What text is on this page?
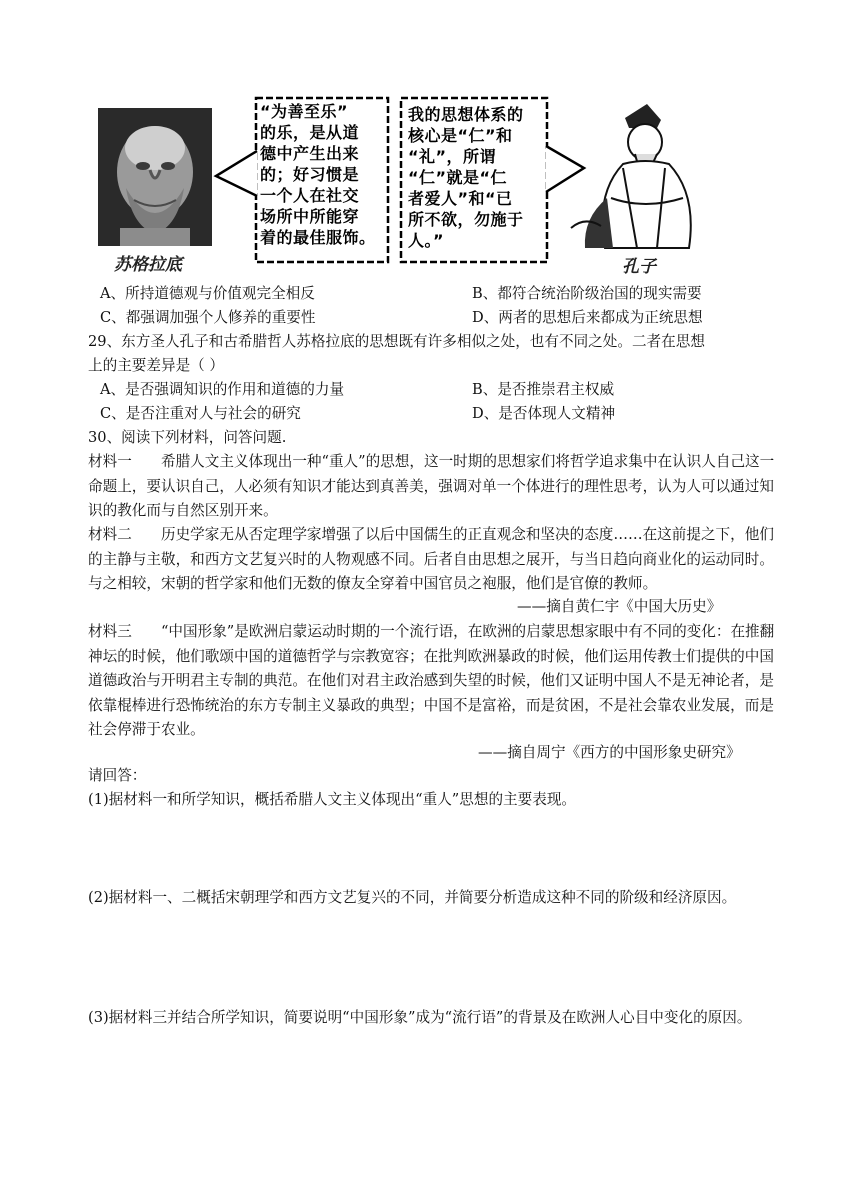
苏格拉底
“为善至乐”
的乐，是从道
德中产生出来
的；好习惯是
一个人在社交
场所中所能穿
着的最佳服饰。
我的思想体系的
核心是“仁”和
“礼”，所谓
“仁”就是“仁
者爱人”和“已
所不欲，勿施于
人。”
孔子
A、所持道德观与价值观完全相反	B、都符合统治阶级治国的现实需要
C、都强调加强个人修养的重要性	D、两者的思想后来都成为正统思想
29、东方圣人孔子和古希腊哲人苏格拉底的思想既有许多相似之处，也有不同之处。二者在思想
上的主要差异是（ ）
A、是否强调知识的作用和道德的力量	B、是否推崇君主权威
C、是否注重对人与社会的研究	D、是否体现人文精神
30、阅读下列材料，问答问题.
材料一　　希腊人文主义体现出一种“重人”的思想，这一时期的思想家们将哲学追求集中在认识人自己这一命题上，要认识自己，人必须有知识才能达到真善美，强调对单一个体进行的理性思考，认为人可以通过知识的教化而与自然区别开来。
材料二　　历史学家无从否定理学家增强了以后中国儒生的正直观念和坚决的态度……在这前提之下，他们的主静与主敬，和西方文艺复兴时的人物观感不同。后者自由思想之展开，与当日趋向商业化的运动同时。与之相较，宋朝的哲学家和他们无数的僚友全穿着中国官员之袍服，他们是官僚的教师。
——摘自黄仁宇《中国大历史》
材料三　　“中国形象”是欧洲启蒙运动时期的一个流行语，在欧洲的启蒙思想家眼中有不同的变化：在推翻神坛的时候，他们歌颂中国的道德哲学与宗教宽容；在批判欧洲暴政的时候，他们运用传教士们提供的中国道德政治与开明君主专制的典范。在他们对君主政治感到失望的时候，他们又证明中国人不是无神论者，是依靠棍棒进行恐怖统治的东方专制主义暴政的典型；中国不是富裕，而是贫困，不是社会靠农业发展，而是社会停滞于农业。
——摘自周宁《西方的中国形象史研究》
请回答：
(1)据材料一和所学知识，概括希腊人文主义体现出“重人”思想的主要表现。
(2)据材料一、二概括宋朝理学和西方文艺复兴的不同，并简要分析造成这种不同的阶级和经济原因。
(3)据材料三并结合所学知识，简要说明“中国形象”成为“流行语”的背景及在欧洲人心目中变化的原因。
